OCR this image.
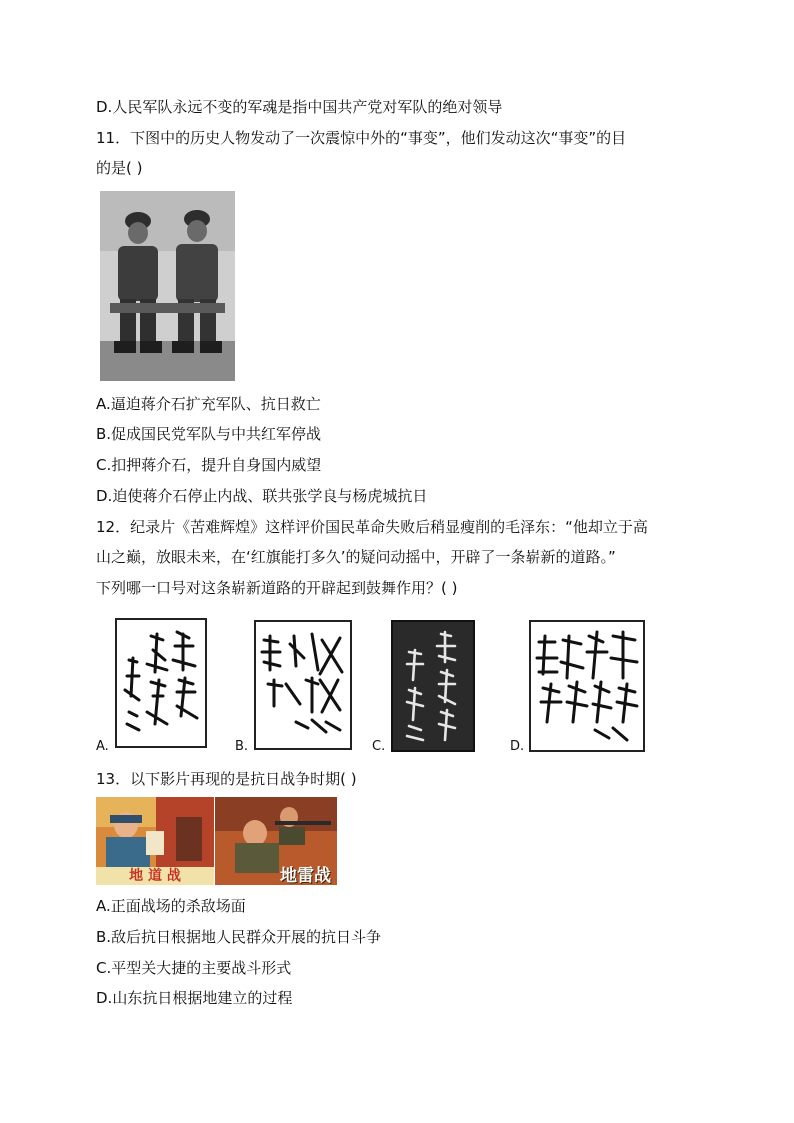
D.人民军队永远不变的军魂是指中国共产党对军队的绝对领导
11．下图中的历史人物发动了一次震惊中外的“事变”，他们发动这次“事变”的目
的是( )
A.逼迫蒋介石扩充军队、抗日救亡
B.促成国民党军队与中共红军停战
C.扣押蒋介石，提升自身国内威望
D.迫使蒋介石停止内战、联共张学良与杨虎城抗日
12．纪录片《苦难辉煌》这样评价国民革命失败后稍显瘦削的毛泽东：“他却立于高
山之巅，放眼未来，在‘红旗能打多久’的疑问动摇中，开辟了一条崭新的道路。”
下列哪一口号对这条崭新道路的开辟起到鼓舞作用？( )
A.	B.	C.	D.
13．以下影片再现的是抗日战争时期( )
地 道 战	地雷战
A.正面战场的杀敌场面
B.敌后抗日根据地人民群众开展的抗日斗争
C.平型关大捷的主要战斗形式
D.山东抗日根据地建立的过程
